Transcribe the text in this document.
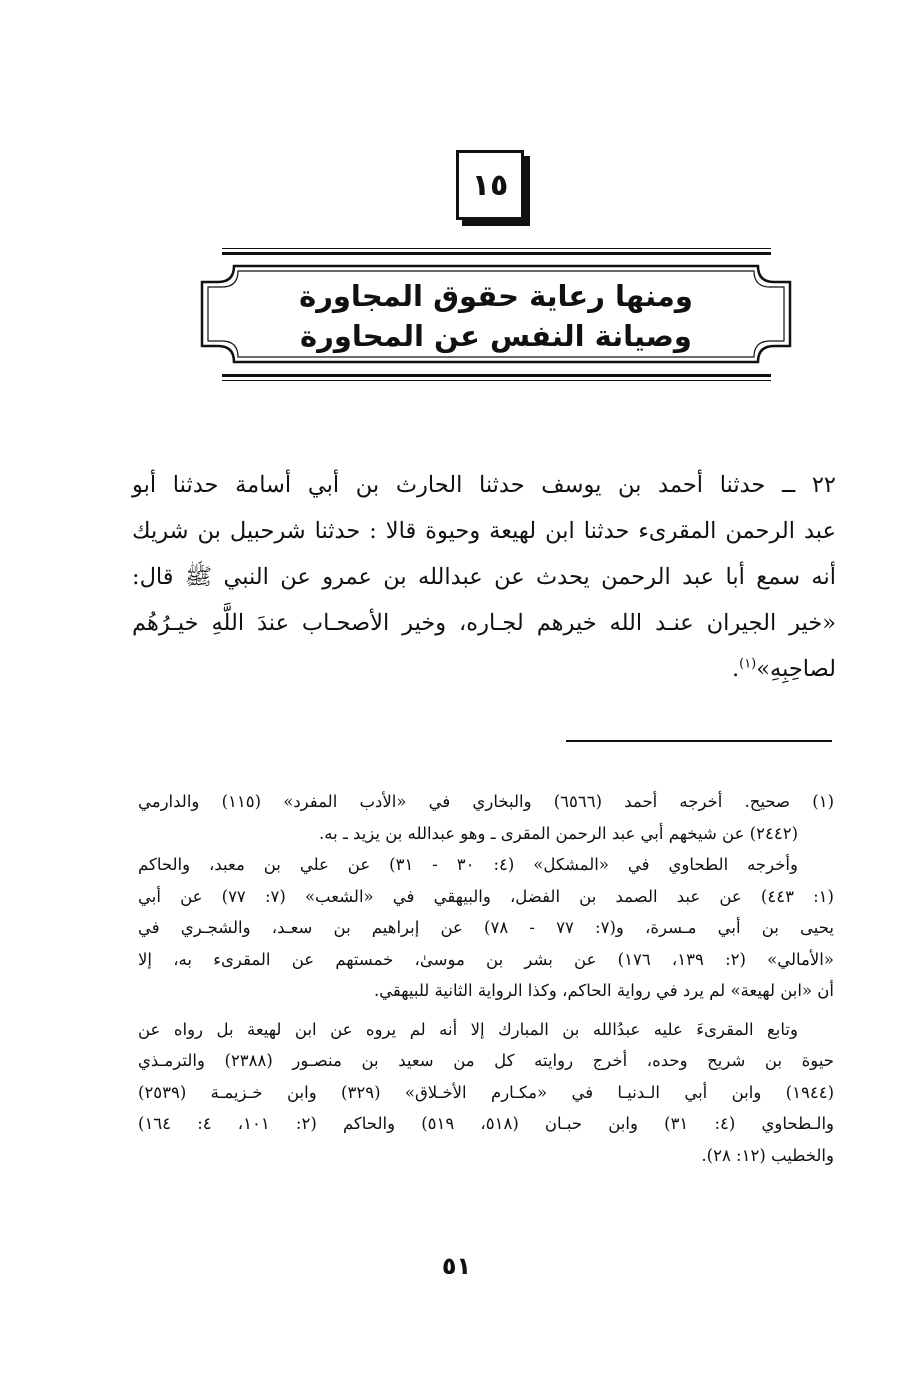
١٥
ومنها رعاية حقوق المجاورة
وصيانة النفس عن المحاورة
٢٢ ــ حدثنا أحمد بن يوسف حدثنا الحارث بن أبي أسامة حدثنا أبو
عبد الرحمن المقرىء حدثنا ابن لهيعة وحيوة قالا : حدثنا شرحبيل بن شريك
أنه سمع أبا عبد الرحمن يحدث عن عبدالله بن عمرو عن النبي ﷺ قال:
«خير الجيران عنـد الله خيرهم لجـاره، وخير الأصحـاب عندَ اللَّهِ خيـرُهُم
لصاحِبِهِ»$^{(١)}$.
(١) صحيح. أخرجه أحمد (٦٥٦٦) والبخاري في «الأدب المفرد» (١١٥) والدارمي
(٢٤٤٢) عن شيخهم أبي عبد الرحمن المقرى ـ وهو عبدالله بن يزيد ـ به.
وأخرجه الطحاوي في «المشكل» (٤: ٣٠ - ٣١) عن علي بن معبد، والحاكم
(١: ٤٤٣) عن عبد الصمد بن الفضل، والبيهقي في «الشعب» (٧: ٧٧) عن أبي
يحيى بن أبي مـسرة، و(٧: ٧٧ - ٧٨) عن إبراهيم بن سعـد، والشجـري في
«الأمالي» (٢: ١٣٩، ١٧٦) عن بشر بن موسىٰ، خمستهم عن المقرىء به، إلا
أن «ابن لهيعة» لم يرد في رواية الحاكم، وكذا الرواية الثانية للبيهقي.
وتابع المقرىءَ عليه عبدُالله بن المبارك إلا أنه لم يروه عن ابن لهيعة بل رواه عن
حيوة بن شريح وحده، أخرج روايته كل من سعيد بن منصـور (٢٣٨٨) والترمـذي
(١٩٤٤) وابن أبي الـدنيـا في «مكـارم الأخـلاق» (٣٢٩) وابن خـزيمـة (٢٥٣٩)
والـطحاوي (٤: ٣١) وابن حبـان (٥١٨، ٥١٩) والحاكم (٢: ١٠١، ٤: ١٦٤)
والخطيب (١٢: ٢٨).
٥١
